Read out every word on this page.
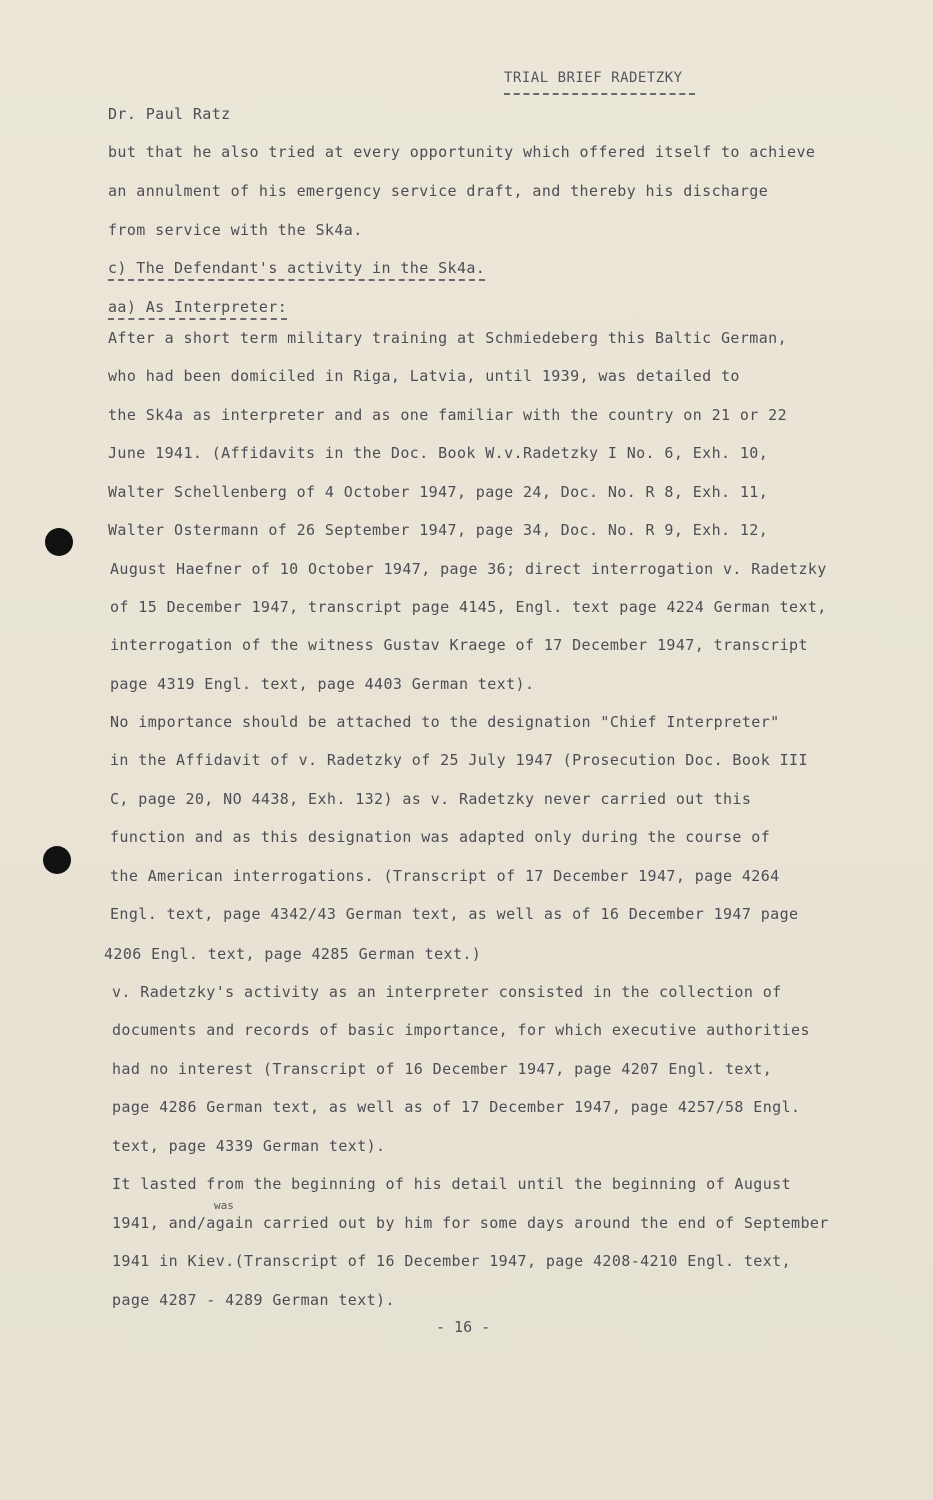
TRIAL BRIEF RADETZKY
Dr. Paul Ratz
but that he also tried at every opportunity which offered itself to achieve
an annulment of his emergency service draft, and thereby his discharge
from service with the Sk4a.
c) The Defendant's activity in the Sk4a.
aa) As Interpreter:
After a short term military training at Schmiedeberg this Baltic German,
who had been domiciled in Riga, Latvia, until 1939, was detailed to
the Sk4a as interpreter and as one familiar with the country on 21 or 22
June 1941. (Affidavits in the Doc. Book W.v.Radetzky I No. 6, Exh. 10,
Walter Schellenberg of 4 October 1947, page 24, Doc. No. R 8, Exh. 11,
Walter Ostermann of 26 September 1947, page 34, Doc. No. R 9, Exh. 12,
August Haefner of 10 October 1947, page 36; direct interrogation v. Radetzky
of 15 December 1947, transcript page 4145, Engl. text page 4224 German text,
interrogation of the witness Gustav Kraege of 17 December 1947, transcript
page 4319 Engl. text, page 4403 German text).
No importance should be attached to the designation "Chief Interpreter"
in the Affidavit of v. Radetzky of 25 July 1947 (Prosecution Doc. Book III
C, page 20, NO 4438, Exh. 132) as v. Radetzky never carried out this
function and as this designation was adapted only during the course of
the American interrogations. (Transcript of 17 December 1947, page 4264
Engl. text, page 4342/43 German text, as well as of 16 December 1947 page
4206 Engl. text, page 4285 German text.)
v. Radetzky's activity as an interpreter consisted in the collection of
documents and records of basic importance, for which executive authorities
had no interest (Transcript of 16 December 1947, page 4207 Engl. text,
page 4286 German text, as well as of 17 December 1947, page 4257/58 Engl.
text, page 4339 German text).
It lasted from the beginning of his detail until the beginning of August
was
1941, and/again carried out by him for some days around the end of September
1941 in Kiev.(Transcript of 16 December 1947, page 4208-4210 Engl. text,
page 4287 - 4289 German text).
- 16 -
